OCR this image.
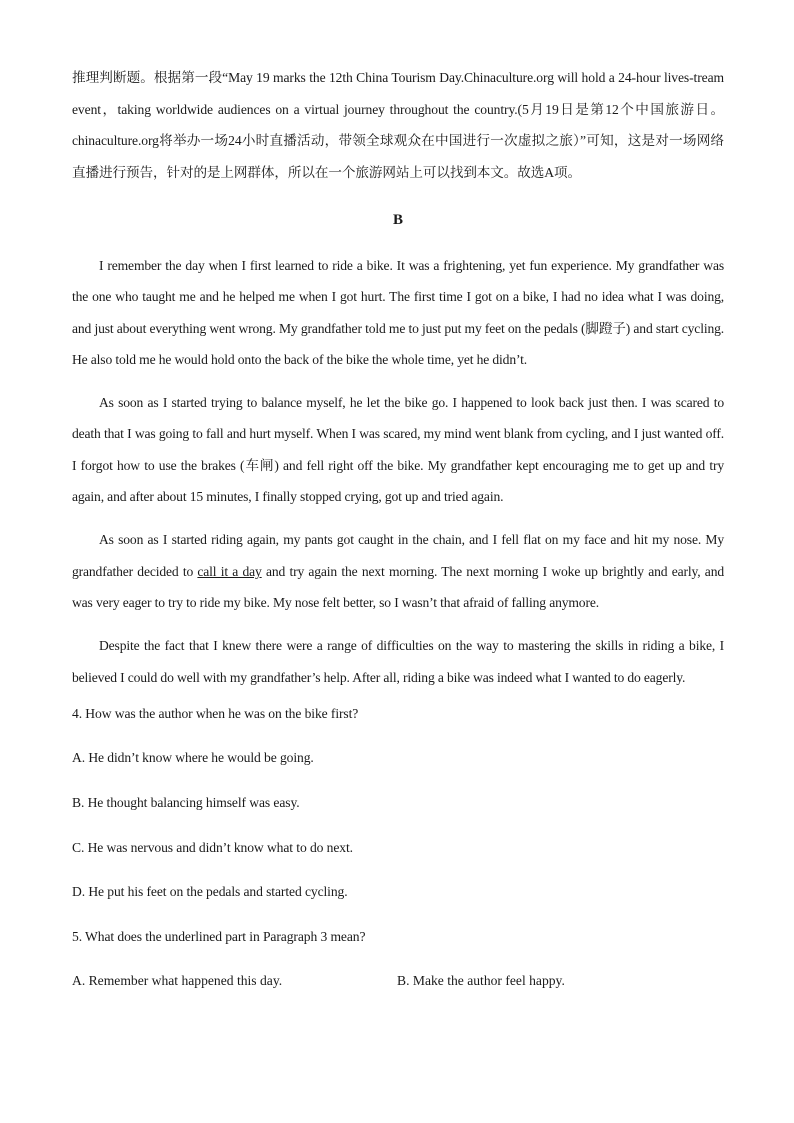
推理判断题。根据第一段“May 19 marks the 12th China Tourism Day.Chinaculture.org will hold a 24-hour lives-tream event，taking worldwide audiences on a virtual journey throughout the country.(5月19日是第12个中国旅游日。chinaculture.org将举办一场24小时直播活动，带领全球观众在中国进行一次虚拟之旅）”可知，这是对一场网络直播进行预告，针对的是上网群体，所以在一个旅游网站上可以找到本文。故选A项。

B

I remember the day when I first learned to ride a bike. It was a frightening, yet fun experience. My grandfather was the one who taught me and he helped me when I got hurt. The first time I got on a bike, I had no idea what I was doing, and just about everything went wrong. My grandfather told me to just put my feet on the pedals (脚蹬子) and start cycling. He also told me he would hold onto the back of the bike the whole time, yet he didn’t.

As soon as I started trying to balance myself, he let the bike go. I happened to look back just then. I was scared to death that I was going to fall and hurt myself. When I was scared, my mind went blank from cycling, and I just wanted off. I forgot how to use the brakes (车闸) and fell right off the bike. My grandfather kept encouraging me to get up and try again, and after about 15 minutes, I finally stopped crying, got up and tried again.

As soon as I started riding again, my pants got caught in the chain, and I fell flat on my face and hit my nose. My grandfather decided to call it a day and try again the next morning. The next morning I woke up brightly and early, and was very eager to try to ride my bike. My nose felt better, so I wasn’t that afraid of falling anymore.

Despite the fact that I knew there were a range of difficulties on the way to mastering the skills in riding a bike, I believed I could do well with my grandfather’s help. After all, riding a bike was indeed what I wanted to do eagerly.

4. How was the author when he was on the bike first?

A. He didn’t know where he would be going.

B. He thought balancing himself was easy.

C. He was nervous and didn’t know what to do next.

D. He put his feet on the pedals and started cycling.

5. What does the underlined part in Paragraph 3 mean?

A. Remember what happened this day.	B. Make the author feel happy.
